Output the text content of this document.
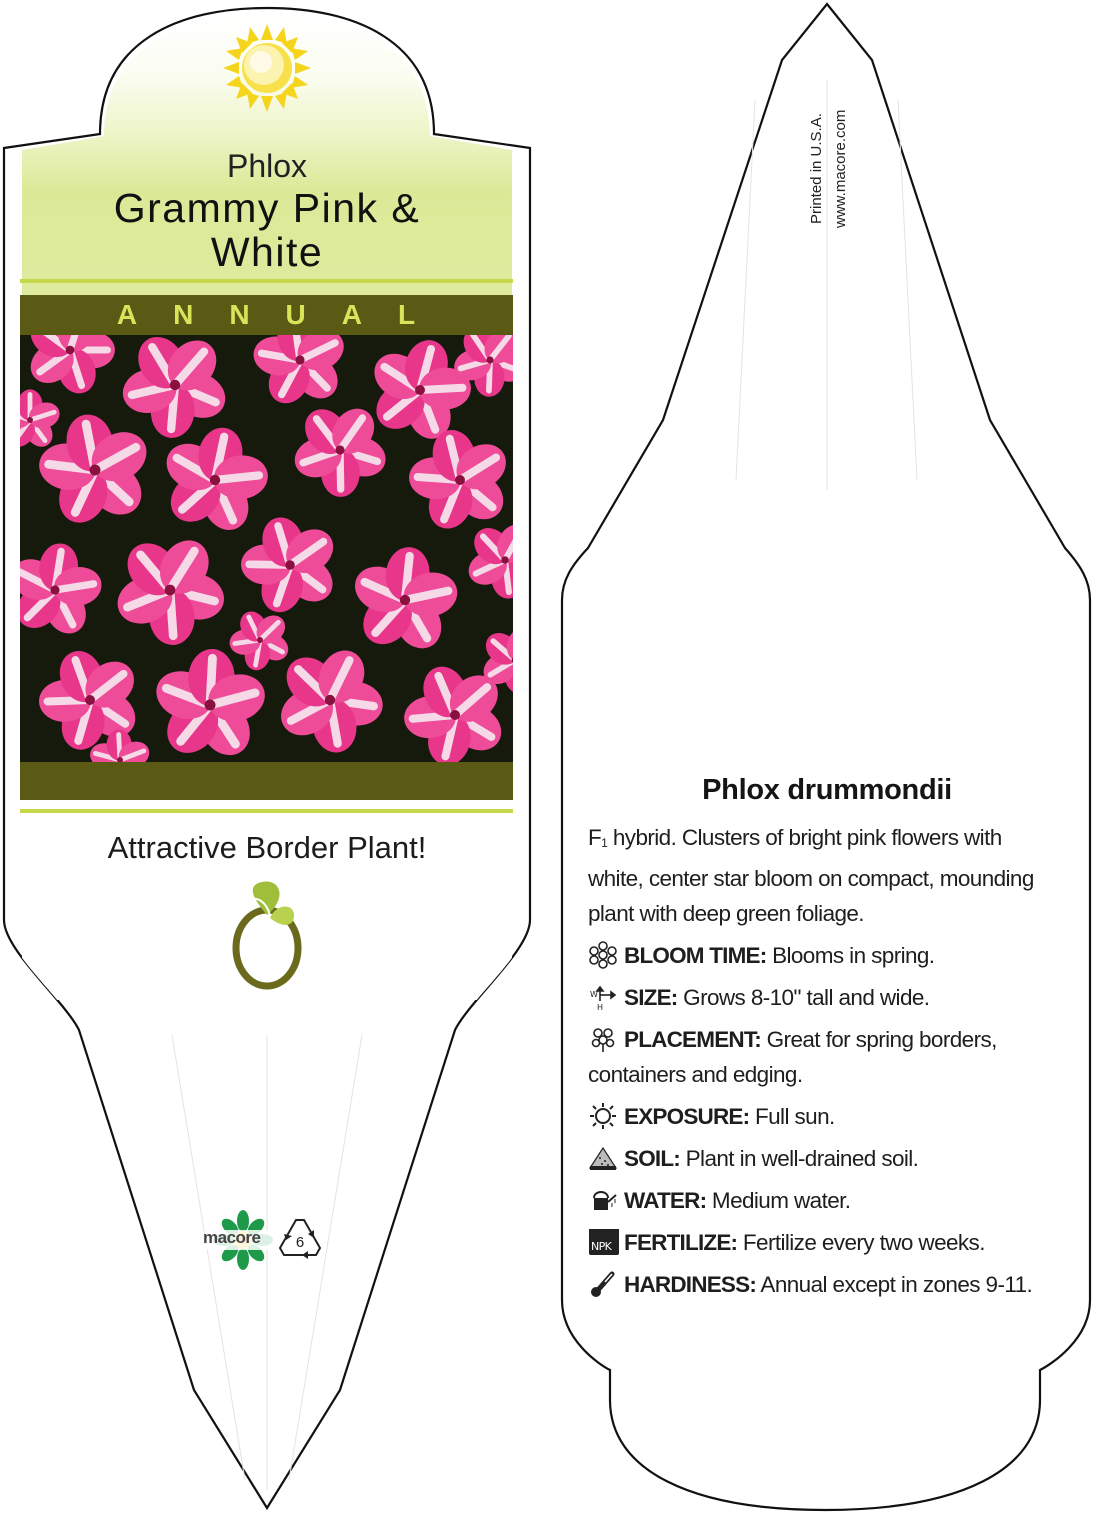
Phlox
Grammy Pink &
White
ANNUAL
Attractive Border Plant!
macore	6
Printed in U.S.A. www.macore.com
Phlox drummondii
F1 hybrid. Clusters of bright pink flowers with white, center star bloom on compact, mounding plant with deep green foliage.
BLOOM TIME: Blooms in spring.
W
H SIZE: Grows 8-10" tall and wide.
PLACEMENT: Great for spring borders, containers and edging.
EXPOSURE: Full sun.
SOIL: Plant in well-drained soil.
WATER: Medium water.
NPK FERTILIZE: Fertilize every two weeks.
HARDINESS: Annual except in zones 9-11.
